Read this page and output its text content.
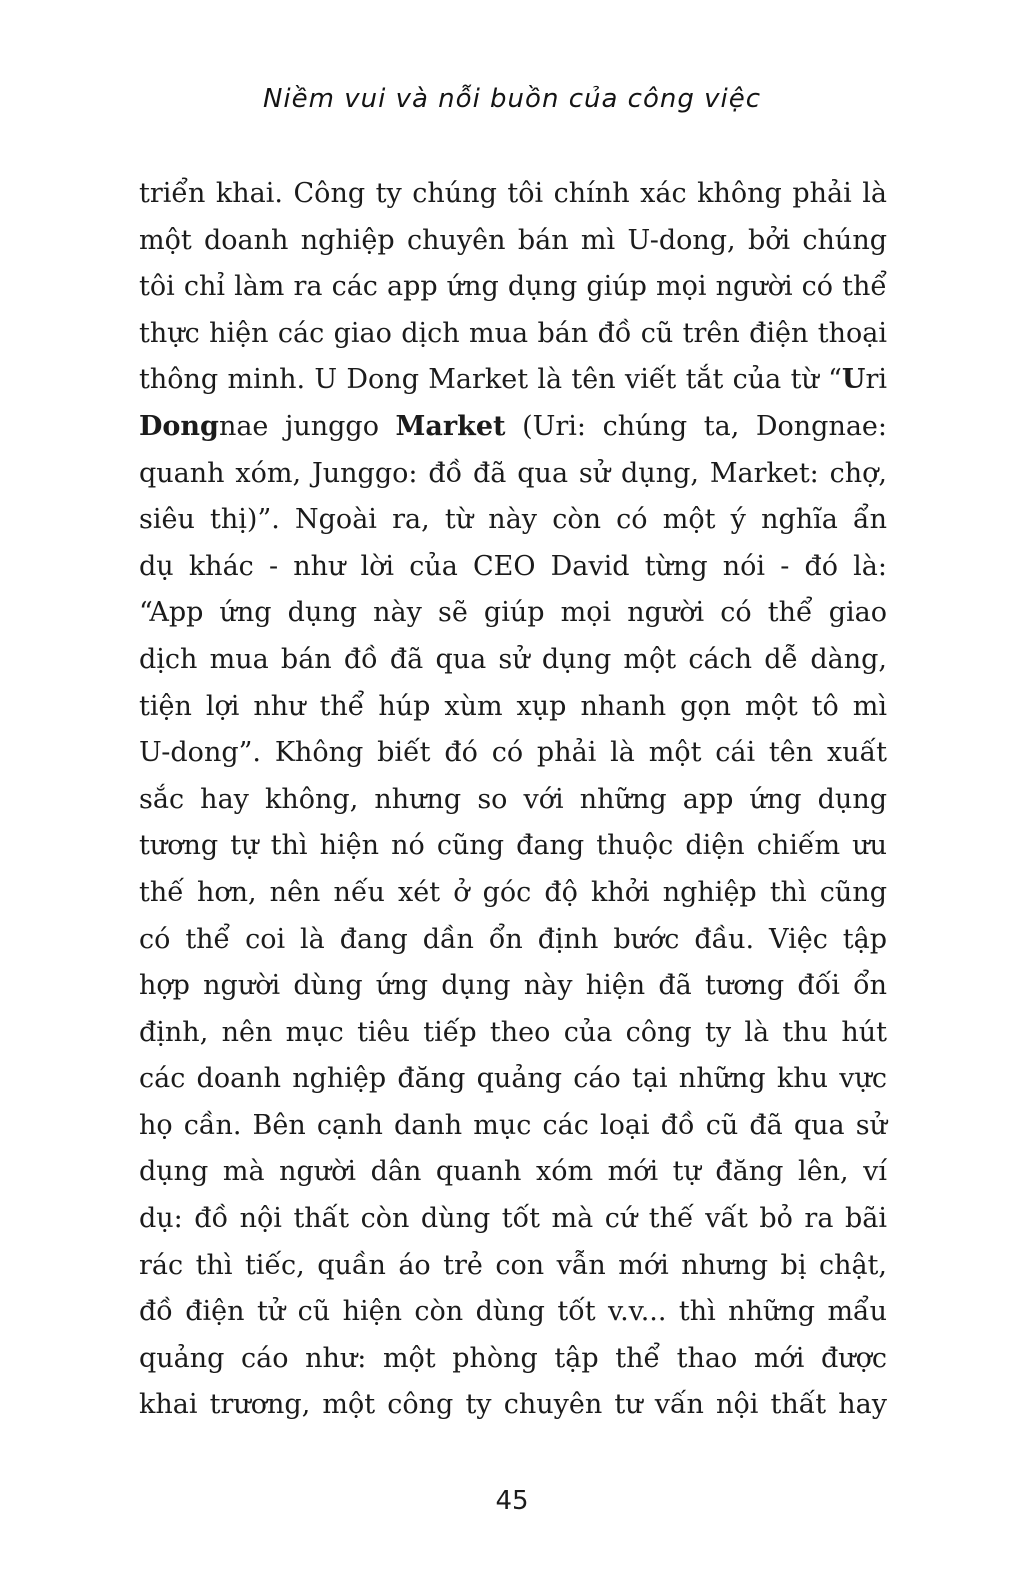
Niềm vui và nỗi buồn của công việc
triển khai. Công ty chúng tôi chính xác không phải là
một doanh nghiệp chuyên bán mì U-dong, bởi chúng
tôi chỉ làm ra các app ứng dụng giúp mọi người có thể
thực hiện các giao dịch mua bán đồ cũ trên điện thoại
thông minh. U Dong Market là tên viết tắt của từ “Uri
Dongnae junggo Market (Uri: chúng ta, Dongnae:
quanh xóm, Junggo: đồ đã qua sử dụng, Market: chợ,
siêu thị)”. Ngoài ra, từ này còn có một ý nghĩa ẩn
dụ khác - như lời của CEO David từng nói - đó là:
“App ứng dụng này sẽ giúp mọi người có thể giao
dịch mua bán đồ đã qua sử dụng một cách dễ dàng,
tiện lợi như thể húp xùm xụp nhanh gọn một tô mì
U-dong”. Không biết đó có phải là một cái tên xuất
sắc hay không, nhưng so với những app ứng dụng
tương tự thì hiện nó cũng đang thuộc diện chiếm ưu
thế hơn, nên nếu xét ở góc độ khởi nghiệp thì cũng
có thể coi là đang dần ổn định bước đầu. Việc tập
hợp người dùng ứng dụng này hiện đã tương đối ổn
định, nên mục tiêu tiếp theo của công ty là thu hút
các doanh nghiệp đăng quảng cáo tại những khu vực
họ cần. Bên cạnh danh mục các loại đồ cũ đã qua sử
dụng mà người dân quanh xóm mới tự đăng lên, ví
dụ: đồ nội thất còn dùng tốt mà cứ thế vất bỏ ra bãi
rác thì tiếc, quần áo trẻ con vẫn mới nhưng bị chật,
đồ điện tử cũ hiện còn dùng tốt v.v... thì những mẩu
quảng cáo như: một phòng tập thể thao mới được
khai trương, một công ty chuyên tư vấn nội thất hay
45
